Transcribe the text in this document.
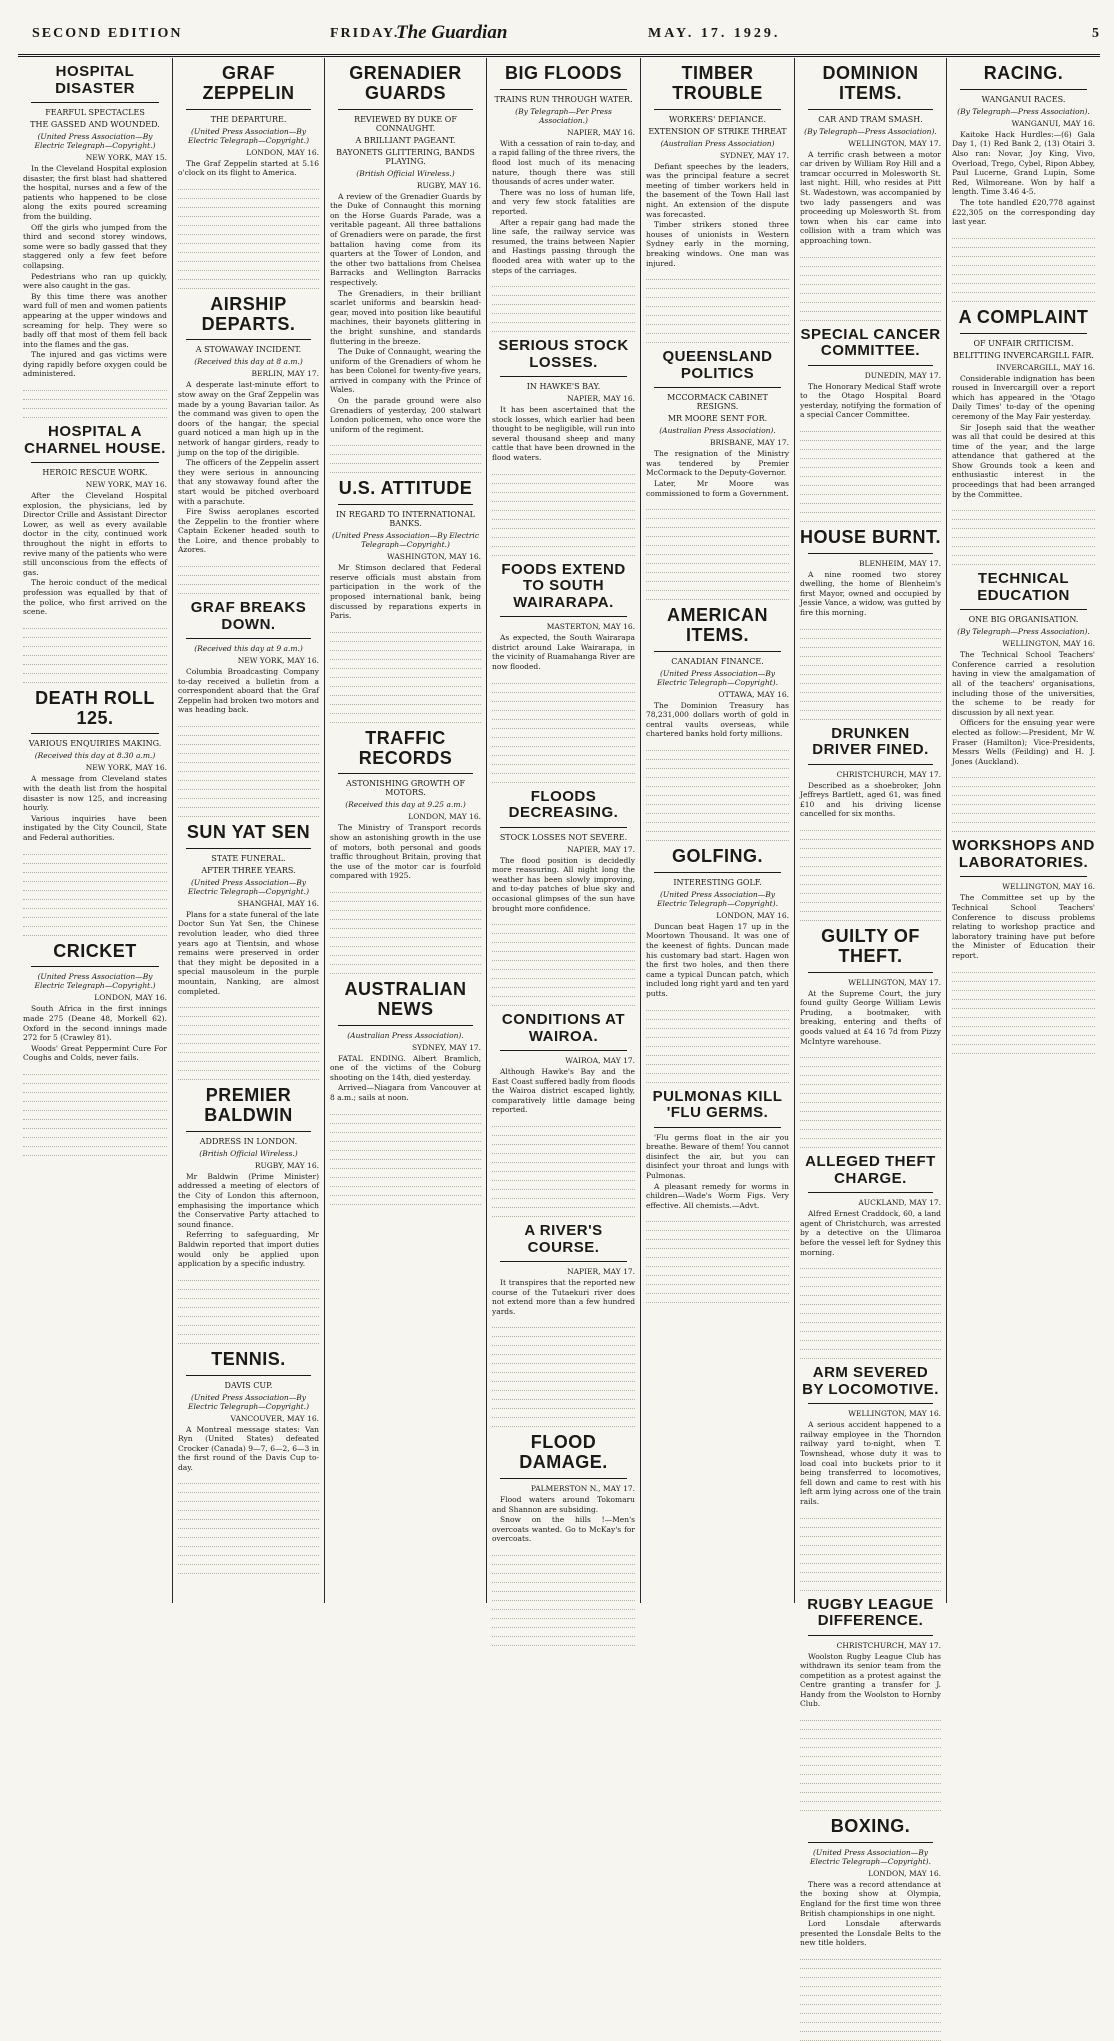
SECOND EDITION	FRIDAY.
The Guardian	MAY. 17. 1929.	5
HOSPITAL DISASTER
FEARFUL SPECTACLES
THE GASSED AND WOUNDED.
(United Press Association—By Electric Telegraph—Copyright.)
NEW YORK, MAY 15.

In the Cleveland Hospital explosion disaster, the first blast had shattered the hospital, nurses and a few of the patients who happened to be close along the exits poured screaming from the building.

Off the girls who jumped from the third and second storey windows, some were so badly gassed that they staggered only a few feet before collapsing.

Pedestrians who ran up quickly, were also caught in the gas.

By this time there was another ward full of men and women patients appearing at the upper windows and screaming for help. They were so badly off that most of them fell back into the flames and the gas.

The injured and gas victims were dying rapidly before oxygen could be administered.

HOSPITAL A CHARNEL HOUSE.
HEROIC RESCUE WORK.
NEW YORK, MAY 16.

After the Cleveland Hospital explosion, the physicians, led by Director Crille and Assistant Director Lower, as well as every available doctor in the city, continued work throughout the night in efforts to revive many of the patients who were still unconscious from the effects of gas.

The heroic conduct of the medical profession was equalled by that of the police, who first arrived on the scene.

DEATH ROLL 125.
VARIOUS ENQUIRIES MAKING.
(Received this day at 8.30 a.m.)
NEW YORK, MAY 16.

A message from Cleveland states with the death list from the hospital disaster is now 125, and increasing hourly.

Various inquiries have been instigated by the City Council, State and Federal authorities.

CRICKET
(United Press Association—By Electric Telegraph—Copyright.)
LONDON, MAY 16.

South Africa in the first innings made 275 (Deane 48, Morkell 62). Oxford in the second innings made 272 for 5 (Crawley 81).

Woods' Great Peppermint Cure For Coughs and Colds, never fails.

GRAF ZEPPELIN
THE DEPARTURE.
(United Press Association—By Electric Telegraph—Copyright.)
LONDON, MAY 16.

The Graf Zeppelin started at 5.16 o'clock on its flight to America.

AIRSHIP DEPARTS.
A STOWAWAY INCIDENT.
(Received this day at 8 a.m.)
BERLIN, MAY 17.

A desperate last-minute effort to stow away on the Graf Zeppelin was made by a young Bavarian tailor. As the command was given to open the doors of the hangar, the special guard noticed a man high up in the network of hangar girders, ready to jump on the top of the dirigible.

The officers of the Zeppelin assert they were serious in announcing that any stowaway found after the start would be pitched overboard with a parachute.

Fire Swiss aeroplanes escorted the Zeppelin to the frontier where Captain Eckener headed south to the Loire, and thence probably to Azores.

GRAF BREAKS DOWN.
(Received this day at 9 a.m.)
NEW YORK, MAY 16.

Columbia Broadcasting Company to-day received a bulletin from a correspondent aboard that the Graf Zeppelin had broken two motors and was heading back.

SUN YAT SEN
STATE FUNERAL.
AFTER THREE YEARS.
(United Press Association—By Electric Telegraph—Copyright.)
SHANGHAI, MAY 16.

Plans for a state funeral of the late Doctor Sun Yat Sen, the Chinese revolution leader, who died three years ago at Tientsin, and whose remains were preserved in order that they might be deposited in a special mausoleum in the purple mountain, Nanking, are almost completed.

PREMIER BALDWIN
ADDRESS IN LONDON.
(British Official Wireless.)
RUGBY, MAY 16.

Mr Baldwin (Prime Minister) addressed a meeting of electors of the City of London this afternoon, emphasising the importance which the Conservative Party attached to sound finance.

Referring to safeguarding, Mr Baldwin reported that import duties would only be applied upon application by a specific industry.

TENNIS.
DAVIS CUP.
(United Press Association—By Electric Telegraph—Copyright.)
VANCOUVER, MAY 16.

A Montreal message states: Van Ryn (United States) defeated Crocker (Canada) 9—7, 6—2, 6—3 in the first round of the Davis Cup to-day.

GRENADIER GUARDS
REVIEWED BY DUKE OF CONNAUGHT.
A BRILLIANT PAGEANT.
BAYONETS GLITTERING, BANDS PLAYING.
(British Official Wireless.)
RUGBY, MAY 16.

A review of the Grenadier Guards by the Duke of Connaught this morning on the Horse Guards Parade, was a veritable pageant. All three battalions of Grenadiers were on parade, the first battalion having come from its quarters at the Tower of London, and the other two battalions from Chelsea Barracks and Wellington Barracks respectively.

The Grenadiers, in their brilliant scarlet uniforms and bearskin head-gear, moved into position like beautiful machines, their bayonets glittering in the bright sunshine, and standards fluttering in the breeze.

The Duke of Connaught, wearing the uniform of the Grenadiers of whom he has been Colonel for twenty-five years, arrived in company with the Prince of Wales.

On the parade ground were also Grenadiers of yesterday, 200 stalwart London policemen, who once wore the uniform of the regiment.

U.S. ATTITUDE
IN REGARD TO INTERNATIONAL BANKS.
(United Press Association—By Electric Telegraph—Copyright.)
WASHINGTON, MAY 16.

Mr Stimson declared that Federal reserve officials must abstain from participation in the work of the proposed international bank, being discussed by reparations experts in Paris.

TRAFFIC RECORDS
ASTONISHING GROWTH OF MOTORS.
(Received this day at 9.25 a.m.)
LONDON, MAY 16.

The Ministry of Transport records show an astonishing growth in the use of motors, both personal and goods traffic throughout Britain, proving that the use of the motor car is fourfold compared with 1925.

AUSTRALIAN NEWS
(Australian Press Association).
SYDNEY, MAY 17.

FATAL ENDING. Albert Bramlich, one of the victims of the Coburg shooting on the 14th, died yesterday.

Arrived—Niagara from Vancouver at 8 a.m.; sails at noon.

BIG FLOODS
TRAINS RUN THROUGH WATER.
(By Telegraph—Per Press Association.)
NAPIER, MAY 16.

With a cessation of rain to-day, and a rapid falling of the three rivers, the flood lost much of its menacing nature, though there was still thousands of acres under water.

There was no loss of human life, and very few stock fatalities are reported.

After a repair gang had made the line safe, the railway service was resumed, the trains between Napier and Hastings passing through the flooded area with water up to the steps of the carriages.

SERIOUS STOCK LOSSES.
IN HAWKE'S BAY.
NAPIER, MAY 16.

It has been ascertained that the stock losses, which earlier had been thought to be negligible, will run into several thousand sheep and many cattle that have been drowned in the flood waters.

FOODS EXTEND TO SOUTH WAIRARAPA.
MASTERTON, MAY 16.

As expected, the South Wairarapa district around Lake Wairarapa, in the vicinity of Ruamahanga River are now flooded.

FLOODS DECREASING.
STOCK LOSSES NOT SEVERE.
NAPIER, MAY 17.

The flood position is decidedly more reassuring. All night long the weather has been slowly improving, and to-day patches of blue sky and occasional glimpses of the sun have brought more confidence.

CONDITIONS AT WAIROA.
WAIROA, MAY 17.

Although Hawke's Bay and the East Coast suffered badly from floods the Wairoa district escaped lightly, comparatively little damage being reported.

A RIVER'S COURSE.
NAPIER, MAY 17.

It transpires that the reported new course of the Tutaekuri river does not extend more than a few hundred yards.

FLOOD DAMAGE.
PALMERSTON N., MAY 17.

Flood waters around Tokomaru and Shannon are subsiding.

Snow on the hills !—Men's overcoats wanted. Go to McKay's for overcoats.

TIMBER TROUBLE
WORKERS' DEFIANCE.
EXTENSION OF STRIKE THREAT
(Australian Press Association)
SYDNEY, MAY 17.

Defiant speeches by the leaders, was the principal feature a secret meeting of timber workers held in the basement of the Town Hall last night. An extension of the dispute was forecasted.

Timber strikers stoned three houses of unionists in Western Sydney early in the morning, breaking windows. One man was injured.

QUEENSLAND POLITICS
MCCORMACK CABINET RESIGNS.
MR MOORE SENT FOR.
(Australian Press Association).
BRISBANE, MAY 17.

The resignation of the Ministry was tendered by Premier McCormack to the Deputy-Governor.

Later, Mr Moore was commissioned to form a Government.

AMERICAN ITEMS.
CANADIAN FINANCE.
(United Press Association—By Electric Telegraph—Copyright).
OTTAWA, MAY 16.

The Dominion Treasury has 78,231,000 dollars worth of gold in central vaults overseas, while chartered banks hold forty millions.

GOLFING.
INTERESTING GOLF.
(United Press Association—By Electric Telegraph—Copyright).
LONDON, MAY 16.

Duncan beat Hagen 17 up in the Moortown Thousand. It was one of the keenest of fights. Duncan made his customary bad start. Hagen won the first two holes, and then there came a typical Duncan patch, which included long right yard and ten yard putts.

PULMONAS KILL 'FLU GERMS.

'Flu germs float in the air you breathe. Beware of them! You cannot disinfect the air, but you can disinfect your throat and lungs with Pulmonas.

A pleasant remedy for worms in children—Wade's Worm Figs. Very effective. All chemists.—Advt.

DOMINION ITEMS.
CAR AND TRAM SMASH.
(By Telegraph—Press Association).
WELLINGTON, MAY 17.

A terrific crash between a motor car driven by William Roy Hill and a tramcar occurred in Molesworth St. last night. Hill, who resides at Pitt St. Wadestown, was accompanied by two lady passengers and was proceeding up Molesworth St. from town when his car came into collision with a tram which was approaching town.

SPECIAL CANCER COMMITTEE.
DUNEDIN, MAY 17.

The Honorary Medical Staff wrote to the Otago Hospital Board yesterday, notifying the formation of a special Cancer Committee.

HOUSE BURNT.
BLENHEIM, MAY 17.

A nine roomed two storey dwelling, the home of Blenheim's first Mayor, owned and occupied by Jessie Vance, a widow, was gutted by fire this morning.

DRUNKEN DRIVER FINED.
CHRISTCHURCH, MAY 17.

Described as a shoebroker, John Jeffreys Bartlett, aged 61, was fined £10 and his driving license cancelled for six months.

GUILTY OF THEFT.
WELLINGTON, MAY 17.

At the Supreme Court, the jury found guilty George William Lewis Pruding, a bootmaker, with breaking, entering and thefts of goods valued at £4 16 7d from Pizzy McIntyre warehouse.

ALLEGED THEFT CHARGE.
AUCKLAND, MAY 17.

Alfred Ernest Craddock, 60, a land agent of Christchurch, was arrested by a detective on the Ulimaroa before the vessel left for Sydney this morning.

ARM SEVERED BY LOCOMOTIVE.
WELLINGTON, MAY 16.

A serious accident happened to a railway employee in the Thorndon railway yard to-night, when T. Townshead, whose duty it was to load coal into buckets prior to it being transferred to locomotives, fell down and came to rest with his left arm lying across one of the train rails.

RUGBY LEAGUE DIFFERENCE.
CHRISTCHURCH, MAY 17.

Woolston Rugby League Club has withdrawn its senior team from the competition as a protest against the Centre granting a transfer for J. Handy from the Woolston to Hornby Club.

BOXING.
(United Press Association—By Electric Telegraph—Copyright).
LONDON, MAY 16.

There was a record attendance at the boxing show at Olympia, England for the first time won three British championships in one night.

Lord Lonsdale afterwards presented the Lonsdale Belts to the new title holders.

RACING.
WANGANUI RACES.
(By Telegraph—Press Association).
WANGANUI, MAY 16.

Kaitoke Hack Hurdles:—(6) Gala Day 1, (1) Red Bank 2, (13) Otairi 3. Also ran: Novar, Joy King, Vivo, Overload, Trego, Cybel, Ripon Abbey, Paul Lucerne, Grand Lupin, Some Red, Wilmoreane. Won by half a length. Time 3.46 4-5.

The tote handled £20,778 against £22,305 on the corresponding day last year.

A COMPLAINT
OF UNFAIR CRITICISM.
BELITTING INVERCARGILL FAIR.
INVERCARGILL, MAY 16.

Considerable indignation has been roused in Invercargill over a report which has appeared in the 'Otago Daily Times' to-day of the opening ceremony of the May Fair yesterday.

Sir Joseph said that the weather was all that could be desired at this time of the year, and the large attendance that gathered at the Show Grounds took a keen and enthusiastic interest in the proceedings that had been arranged by the Committee.

TECHNICAL EDUCATION
ONE BIG ORGANISATION.
(By Telegraph—Press Association).
WELLINGTON, MAY 16.

The Technical School Teachers' Conference carried a resolution having in view the amalgamation of all of the teachers' organisations, including those of the universities, the scheme to be ready for discussion by all next year.

Officers for the ensuing year were elected as follow:—President, Mr W. Fraser (Hamilton); Vice-Presidents, Messrs Wells (Feilding) and H. J. Jones (Auckland).

WORKSHOPS AND LABORATORIES.
WELLINGTON, MAY 16.

The Committee set up by the Technical School Teachers' Conference to discuss problems relating to workshop practice and laboratory training have put before the Minister of Education their report.
